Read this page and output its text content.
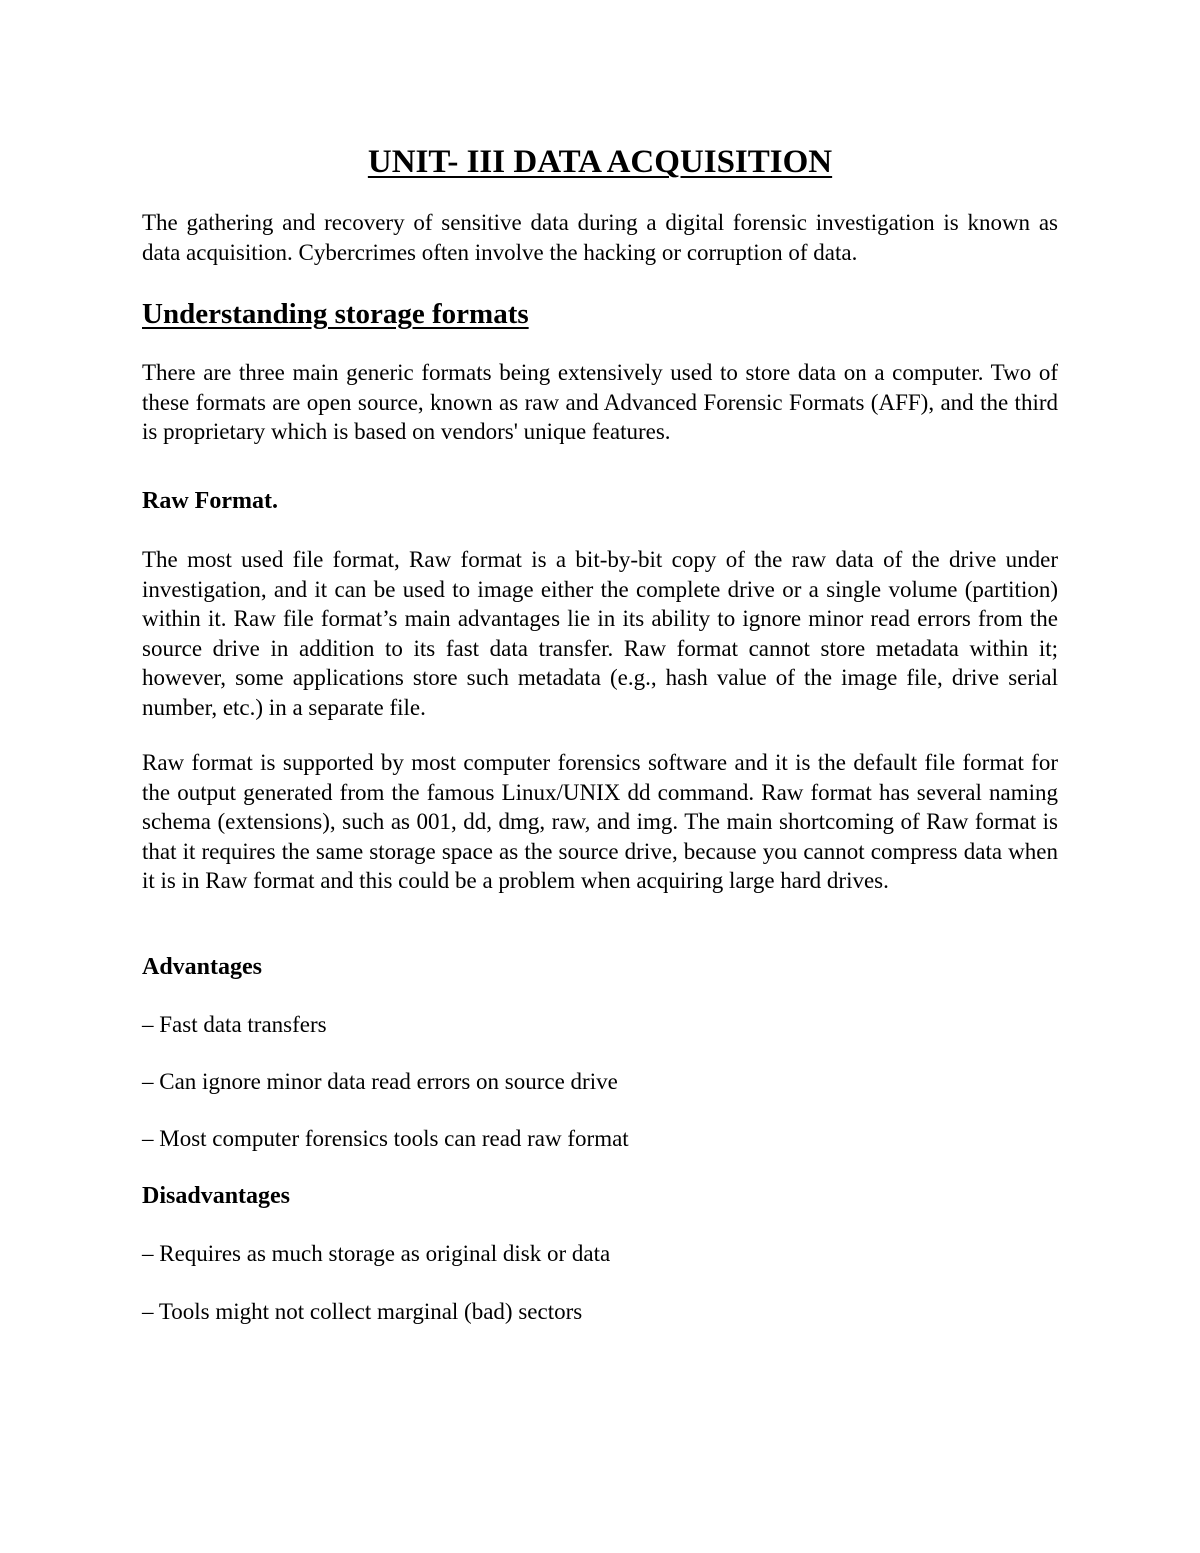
UNIT- III DATA ACQUISITION

The gathering and recovery of sensitive data during a digital forensic investigation is known as data acquisition. Cybercrimes often involve the hacking or corruption of data.

Understanding storage formats

There are three main generic formats being extensively used to store data on a computer. Two of these formats are open source, known as raw and Advanced Forensic Formats (AFF), and the third is proprietary which is based on vendors' unique features.

Raw Format.

The most used file format, Raw format is a bit-by-bit copy of the raw data of the drive under investigation, and it can be used to image either the complete drive or a single volume (partition) within it. Raw file format’s main advantages lie in its ability to ignore minor read errors from the source drive in addition to its fast data transfer. Raw format cannot store metadata within it; however, some applications store such metadata (e.g., hash value of the image file, drive serial number, etc.) in a separate file.

Raw format is supported by most computer forensics software and it is the default file format for the output generated from the famous Linux/UNIX dd command. Raw format has several naming schema (extensions), such as 001, dd, dmg, raw, and img. The main shortcoming of Raw format is that it requires the same storage space as the source drive, because you cannot compress data when it is in Raw format and this could be a problem when acquiring large hard drives.

Advantages

– Fast data transfers

– Can ignore minor data read errors on source drive

– Most computer forensics tools can read raw format

Disadvantages

– Requires as much storage as original disk or data

– Tools might not collect marginal (bad) sectors
